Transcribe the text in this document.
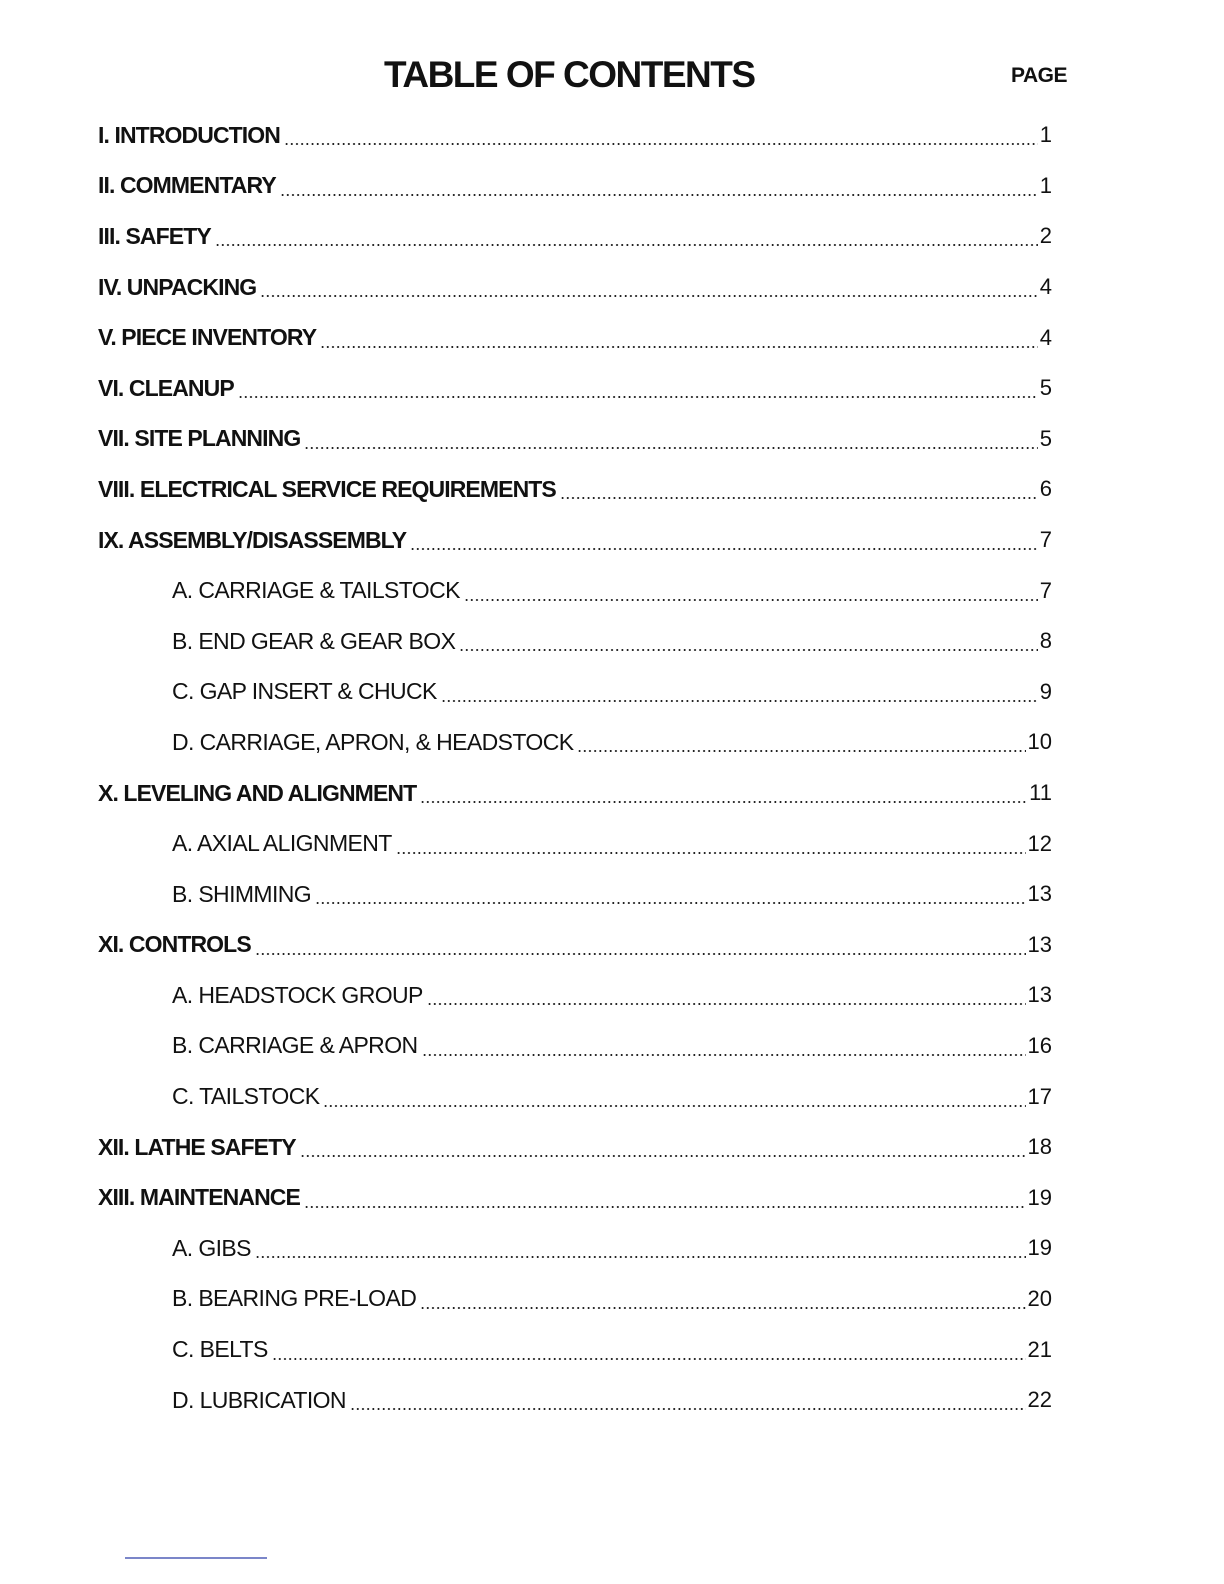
TABLE OF CONTENTS	PAGE
I. INTRODUCTION	1
II. COMMENTARY	1
III. SAFETY	2
IV. UNPACKING	4
V. PIECE INVENTORY	4
VI. CLEANUP	5
VII. SITE PLANNING	5
VIII. ELECTRICAL SERVICE REQUIREMENTS	6
IX. ASSEMBLY/DISASSEMBLY	7
A. CARRIAGE & TAILSTOCK	7
B. END GEAR & GEAR BOX	8
C. GAP INSERT & CHUCK	9
D. CARRIAGE, APRON, & HEADSTOCK	10
X. LEVELING AND ALIGNMENT	11
A. AXIAL ALIGNMENT	12
B. SHIMMING	13
XI. CONTROLS	13
A. HEADSTOCK GROUP	13
B. CARRIAGE & APRON	16
C. TAILSTOCK	17
XII. LATHE SAFETY	18
XIII. MAINTENANCE	19
A. GIBS	19
B. BEARING PRE-LOAD	20
C. BELTS	21
D. LUBRICATION	22
